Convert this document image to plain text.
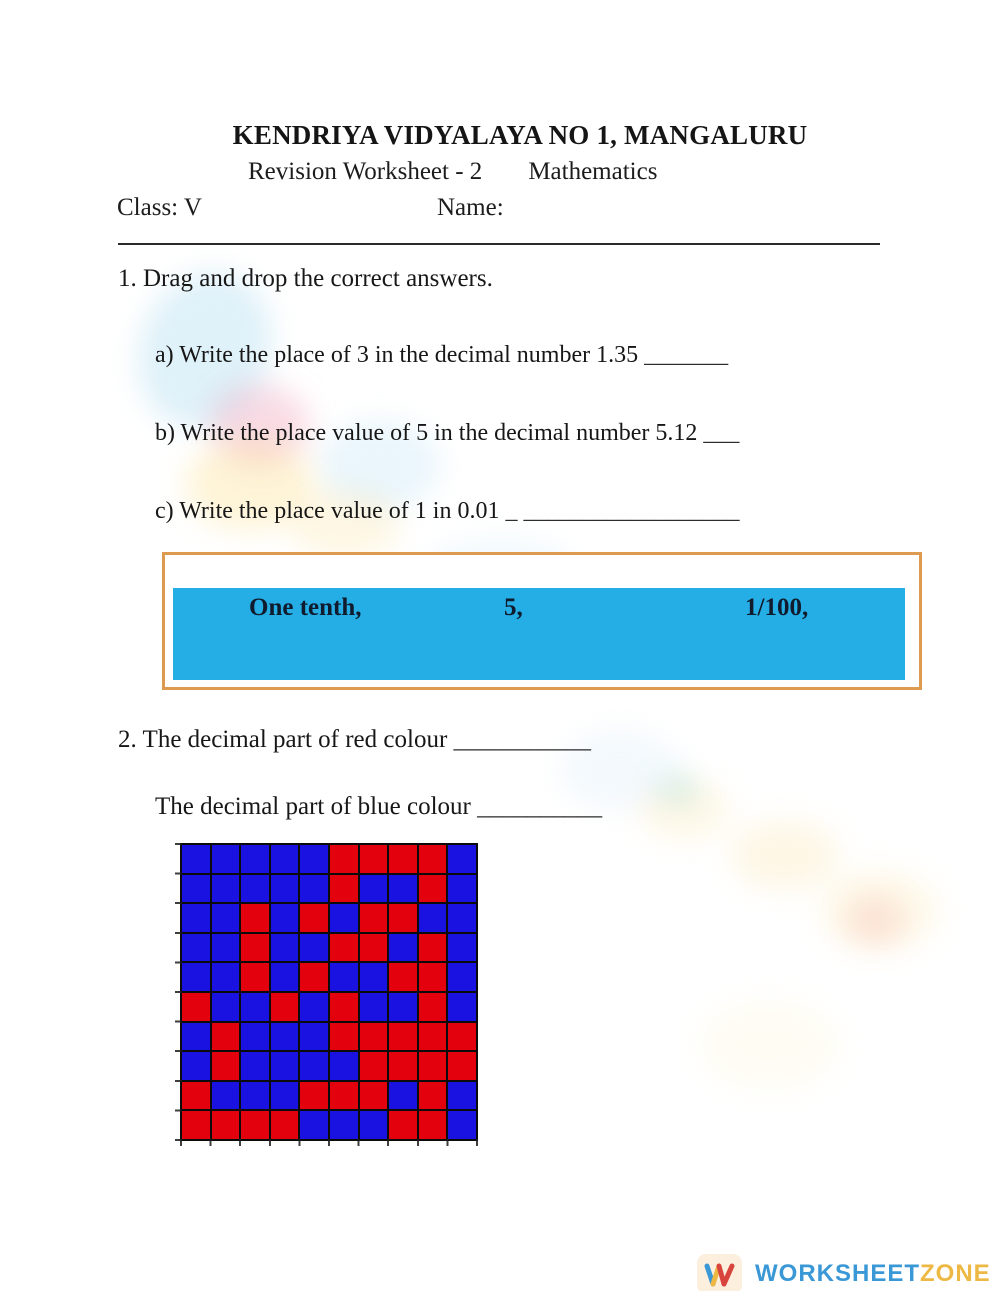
KENDRIYA VIDYALAYA NO 1, MANGALURU
Revision Worksheet - 2 Mathematics
Class: V	Name:
1. Drag and drop the correct answers.
a) Write the place of 3 in the decimal number 1.35 _______
b) Write the place value of 5 in the decimal number 5.12 ___
c) Write the place value of 1 in 0.01 _ __________________
One tenth,	5,	1/100,
2. The decimal part of red colour ___________
The decimal part of blue colour __________
WORKSHEETZONE
